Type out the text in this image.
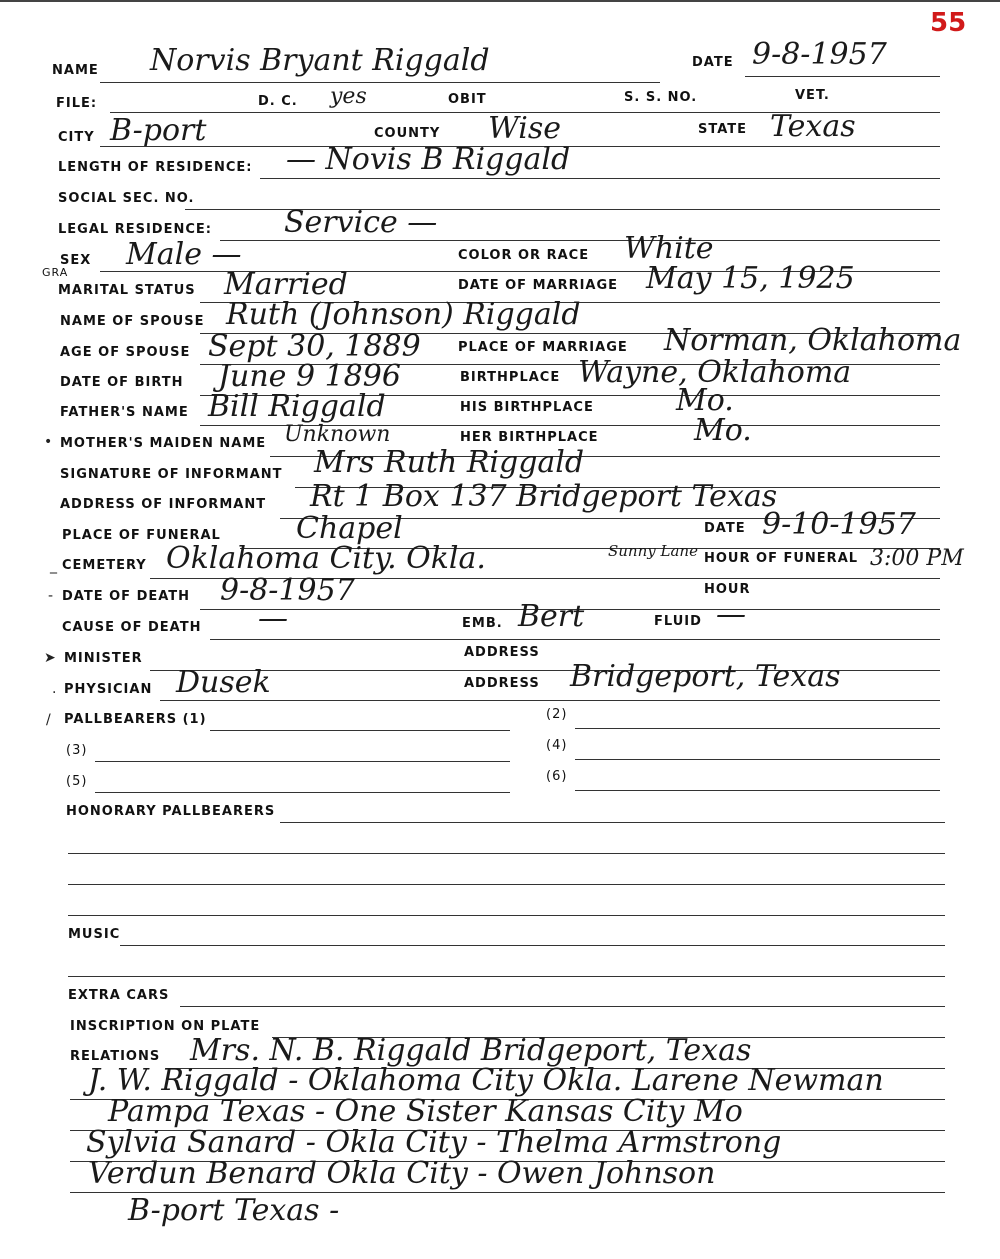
55
NAME Norvis Bryant Riggald	DATE 9-8-1957
FILE:	D. C. yes	OBIT	S. S. NO.	VET.
CITY B-port	COUNTY Wise	STATE Texas
LENGTH OF RESIDENCE: — Novis B Riggald
SOCIAL SEC. NO.
LEGAL RESIDENCE: Service —
SEX Male —	COLOR OR RACE White
GRA
MARITAL STATUS Married	DATE OF MARRIAGE May 15, 1925
NAME OF SPOUSE Ruth (Johnson) Riggald
AGE OF SPOUSE Sept 30, 1889	PLACE OF MARRIAGE Norman, Oklahoma
DATE OF BIRTH June 9 1896	BIRTHPLACE Wayne, Oklahoma
FATHER'S NAME Bill Riggald	HIS BIRTHPLACE	Mo.
• MOTHER'S MAIDEN NAME Unknown	HER BIRTHPLACE	Mo.
SIGNATURE OF INFORMANT Mrs Ruth Riggald
ADDRESS OF INFORMANT Rt 1 Box 137 Bridgeport Texas
PLACE OF FUNERAL	Chapel	DATE 9-10-1957
_ CEMETERY Oklahoma City. Okla.	Sunny Lane HOUR OF FUNERAL 3:00 PM
- DATE OF DEATH 9-8-1957	HOUR
CAUSE OF DEATH —	EMB. Bert	FLUID —
➤ MINISTER	ADDRESS
. PHYSICIAN Dusek	ADDRESS Bridgeport, Texas
/ PALLBEARERS (1)	(2)
(3)	(4)
(5)	(6)
HONORARY PALLBEARERS
MUSIC
EXTRA CARS
INSCRIPTION ON PLATE
RELATIONS Mrs. N. B. Riggald Bridgeport, Texas
J. W. Riggald - Oklahoma City Okla. Larene Newman
Pampa Texas - One Sister Kansas City Mo
Sylvia Sanard - Okla City - Thelma Armstrong
Verdun Benard Okla City - Owen Johnson
B-port Texas -
